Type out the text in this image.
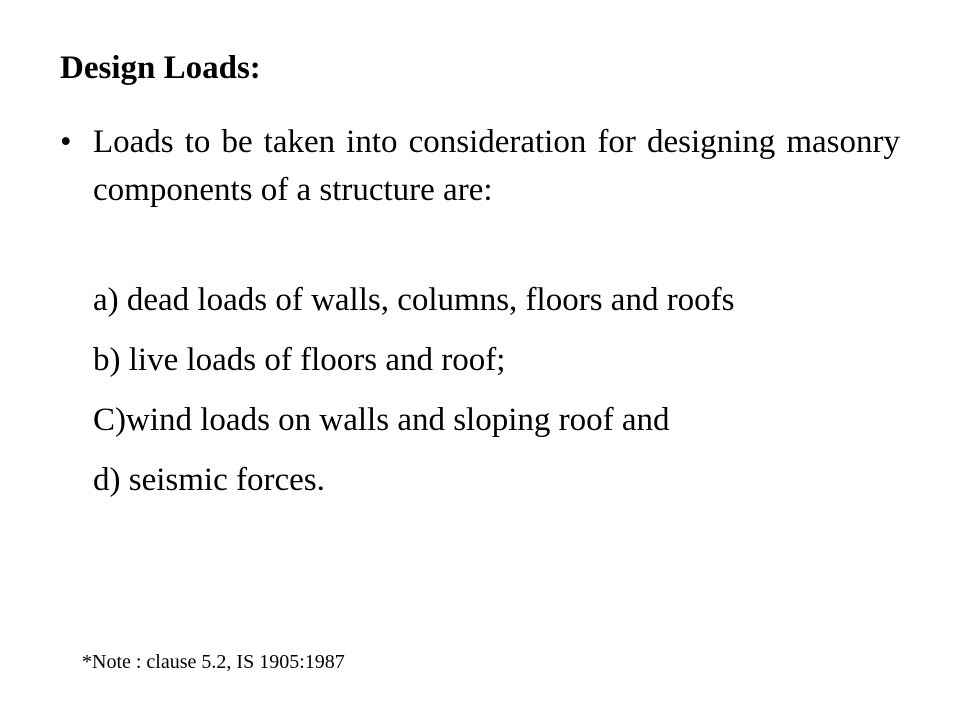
Design Loads:
• Loads to be taken into consideration for designing masonry components of a structure are:
a) dead loads of walls, columns, floors and roofs
b) live loads of floors and roof;
C)wind loads on walls and sloping roof and
d) seismic forces.
*Note : clause 5.2, IS 1905:1987
